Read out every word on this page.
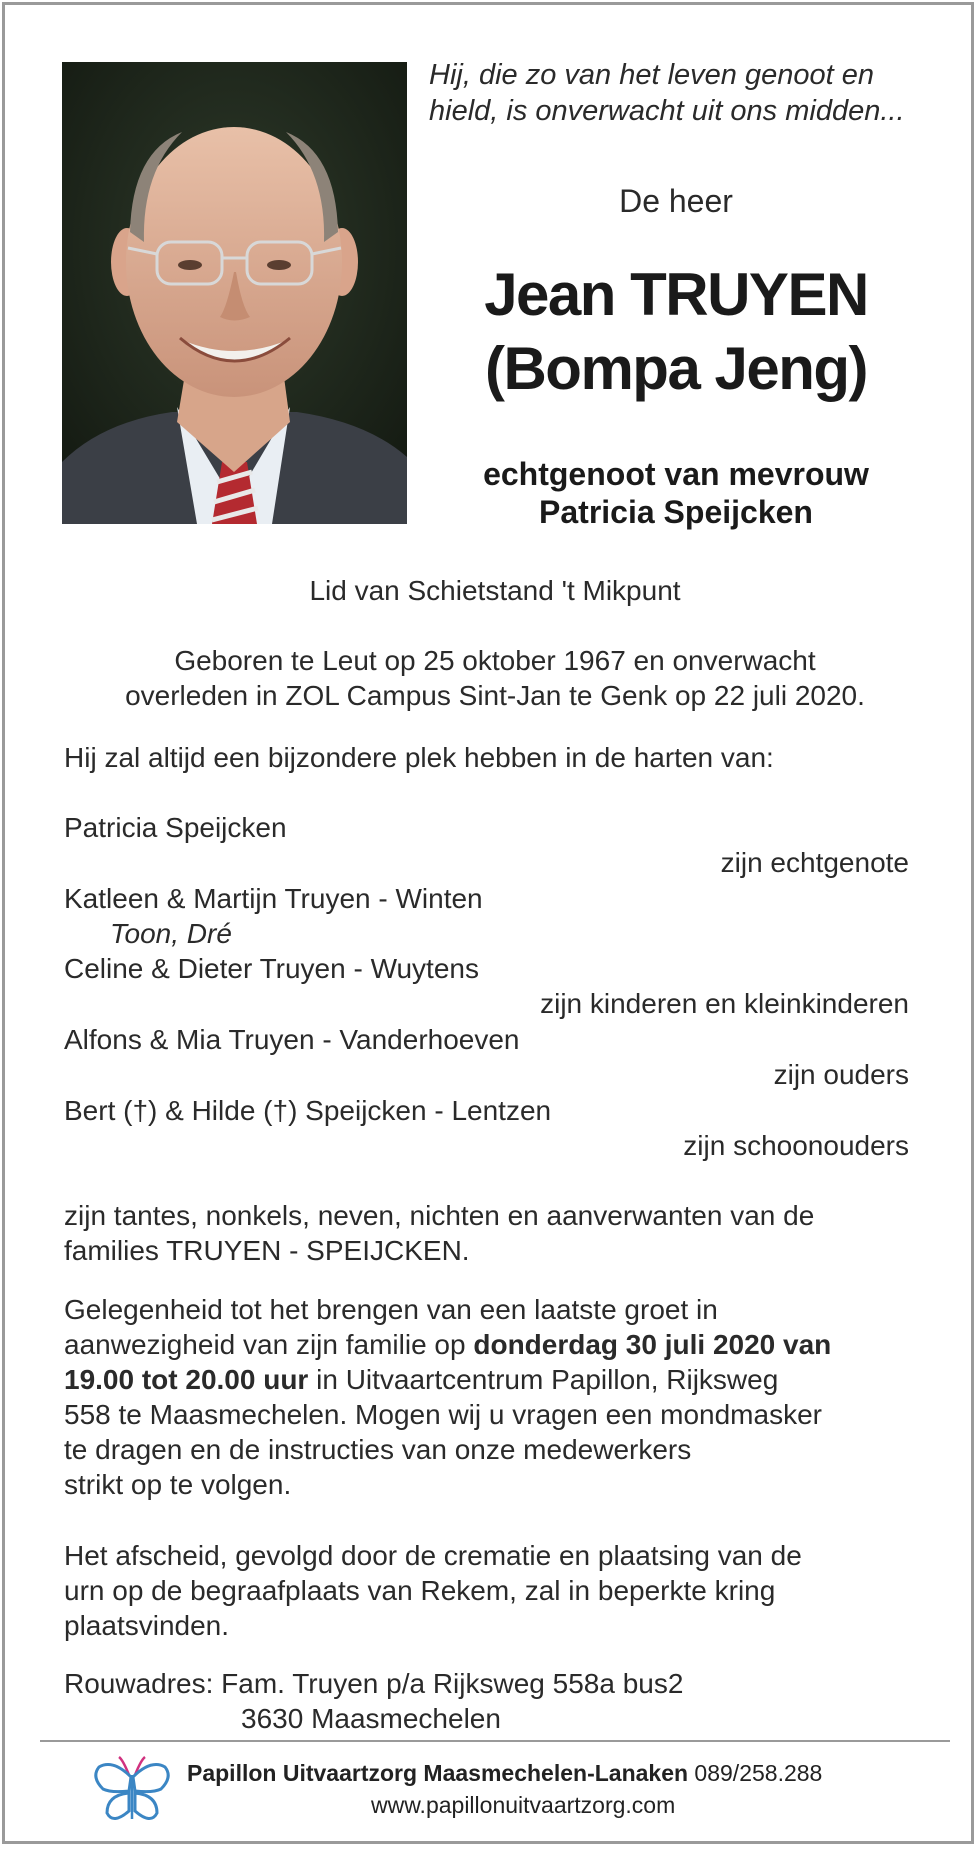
Hij, die zo van het leven genoot en hield, is onverwacht uit ons midden...
De heer
Jean TRUYEN
(Bompa Jeng)
echtgenoot van mevrouw
Patricia Speijcken
Lid van Schietstand 't Mikpunt
Geboren te Leut op 25 oktober 1967 en onverwacht
overleden in ZOL Campus Sint-Jan te Genk op 22 juli 2020.
Hij zal altijd een bijzondere plek hebben in de harten van:
Patricia Speijcken
zijn echtgenote
Katleen & Martijn Truyen - Winten
Toon, Dré
Celine & Dieter Truyen - Wuytens
zijn kinderen en kleinkinderen
Alfons & Mia Truyen - Vanderhoeven
zijn ouders
Bert (†) & Hilde (†) Speijcken - Lentzen
zijn schoonouders
zijn tantes, nonkels, neven, nichten en aanverwanten van de
families TRUYEN - SPEIJCKEN.
Gelegenheid tot het brengen van een laatste groet in
aanwezigheid van zijn familie op donderdag 30 juli 2020 van
19.00 tot 20.00 uur in Uitvaartcentrum Papillon, Rijksweg
558 te Maasmechelen. Mogen wij u vragen een mondmasker
te dragen en de instructies van onze medewerkers
strikt op te volgen.
Het afscheid, gevolgd door de crematie en plaatsing van de
urn op de begraafplaats van Rekem, zal in beperkte kring
plaatsvinden.
Rouwadres: Fam. Truyen p/a Rijksweg 558a bus2
3630 Maasmechelen
Papillon Uitvaartzorg Maasmechelen-Lanaken 089/258.288
www.papillonuitvaartzorg.com
